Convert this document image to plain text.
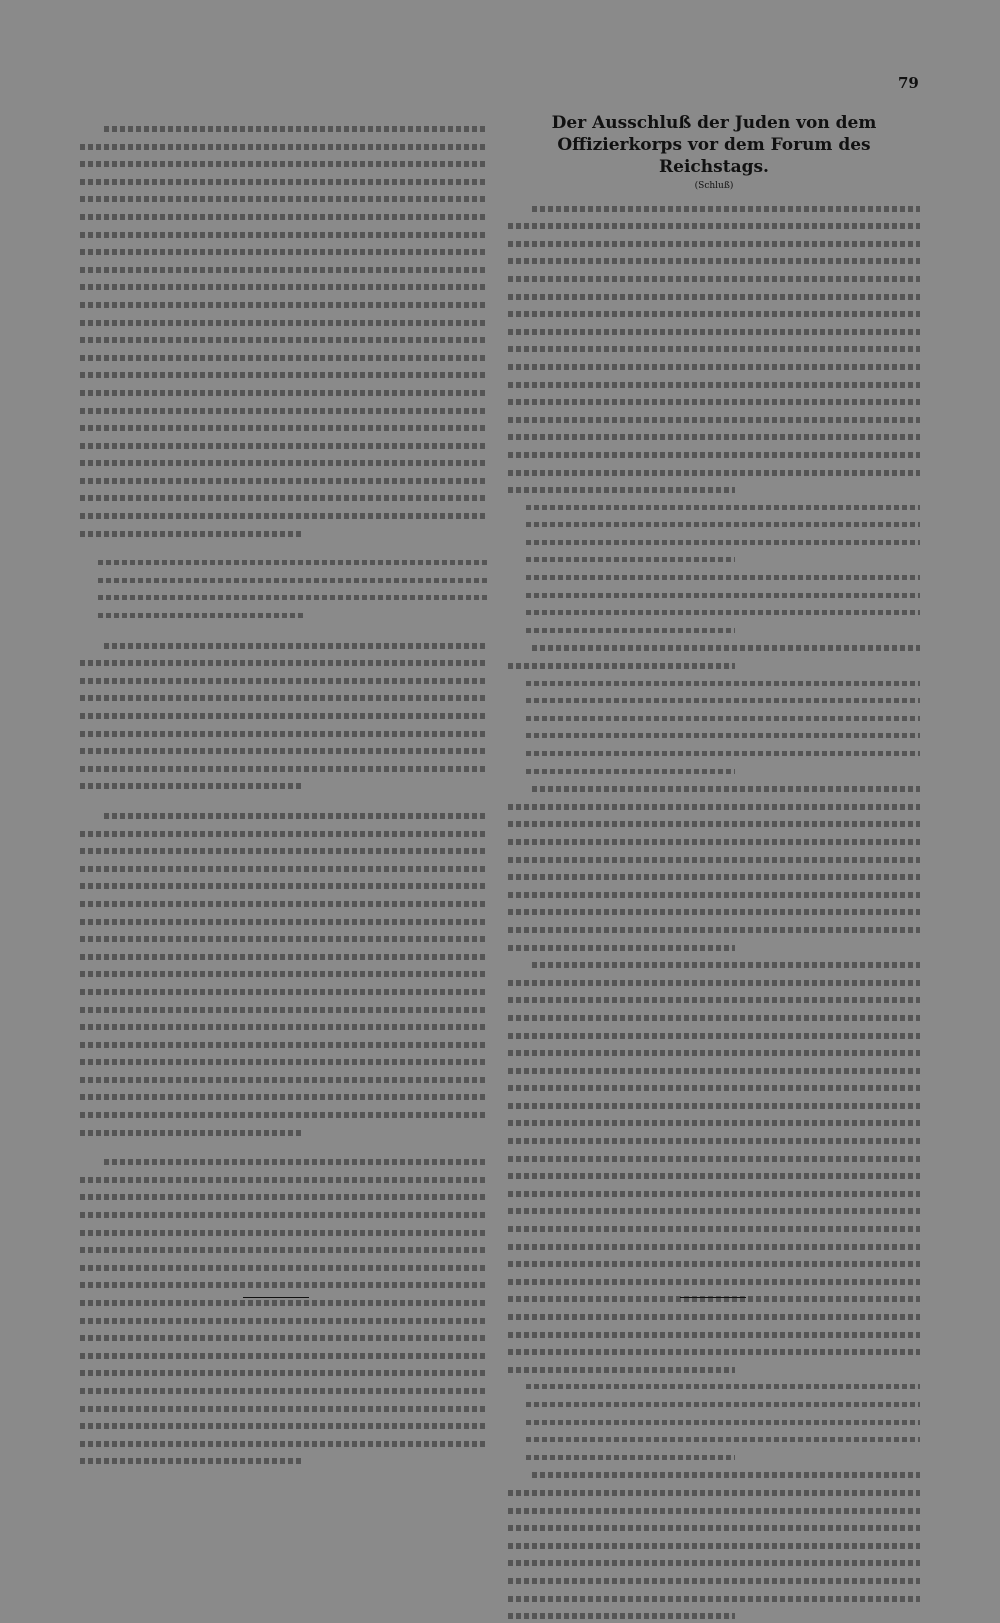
79

Der Ausschluß der Juden von dem Offizierkorps vor dem Forum des Reichstags.

(Schluß)
